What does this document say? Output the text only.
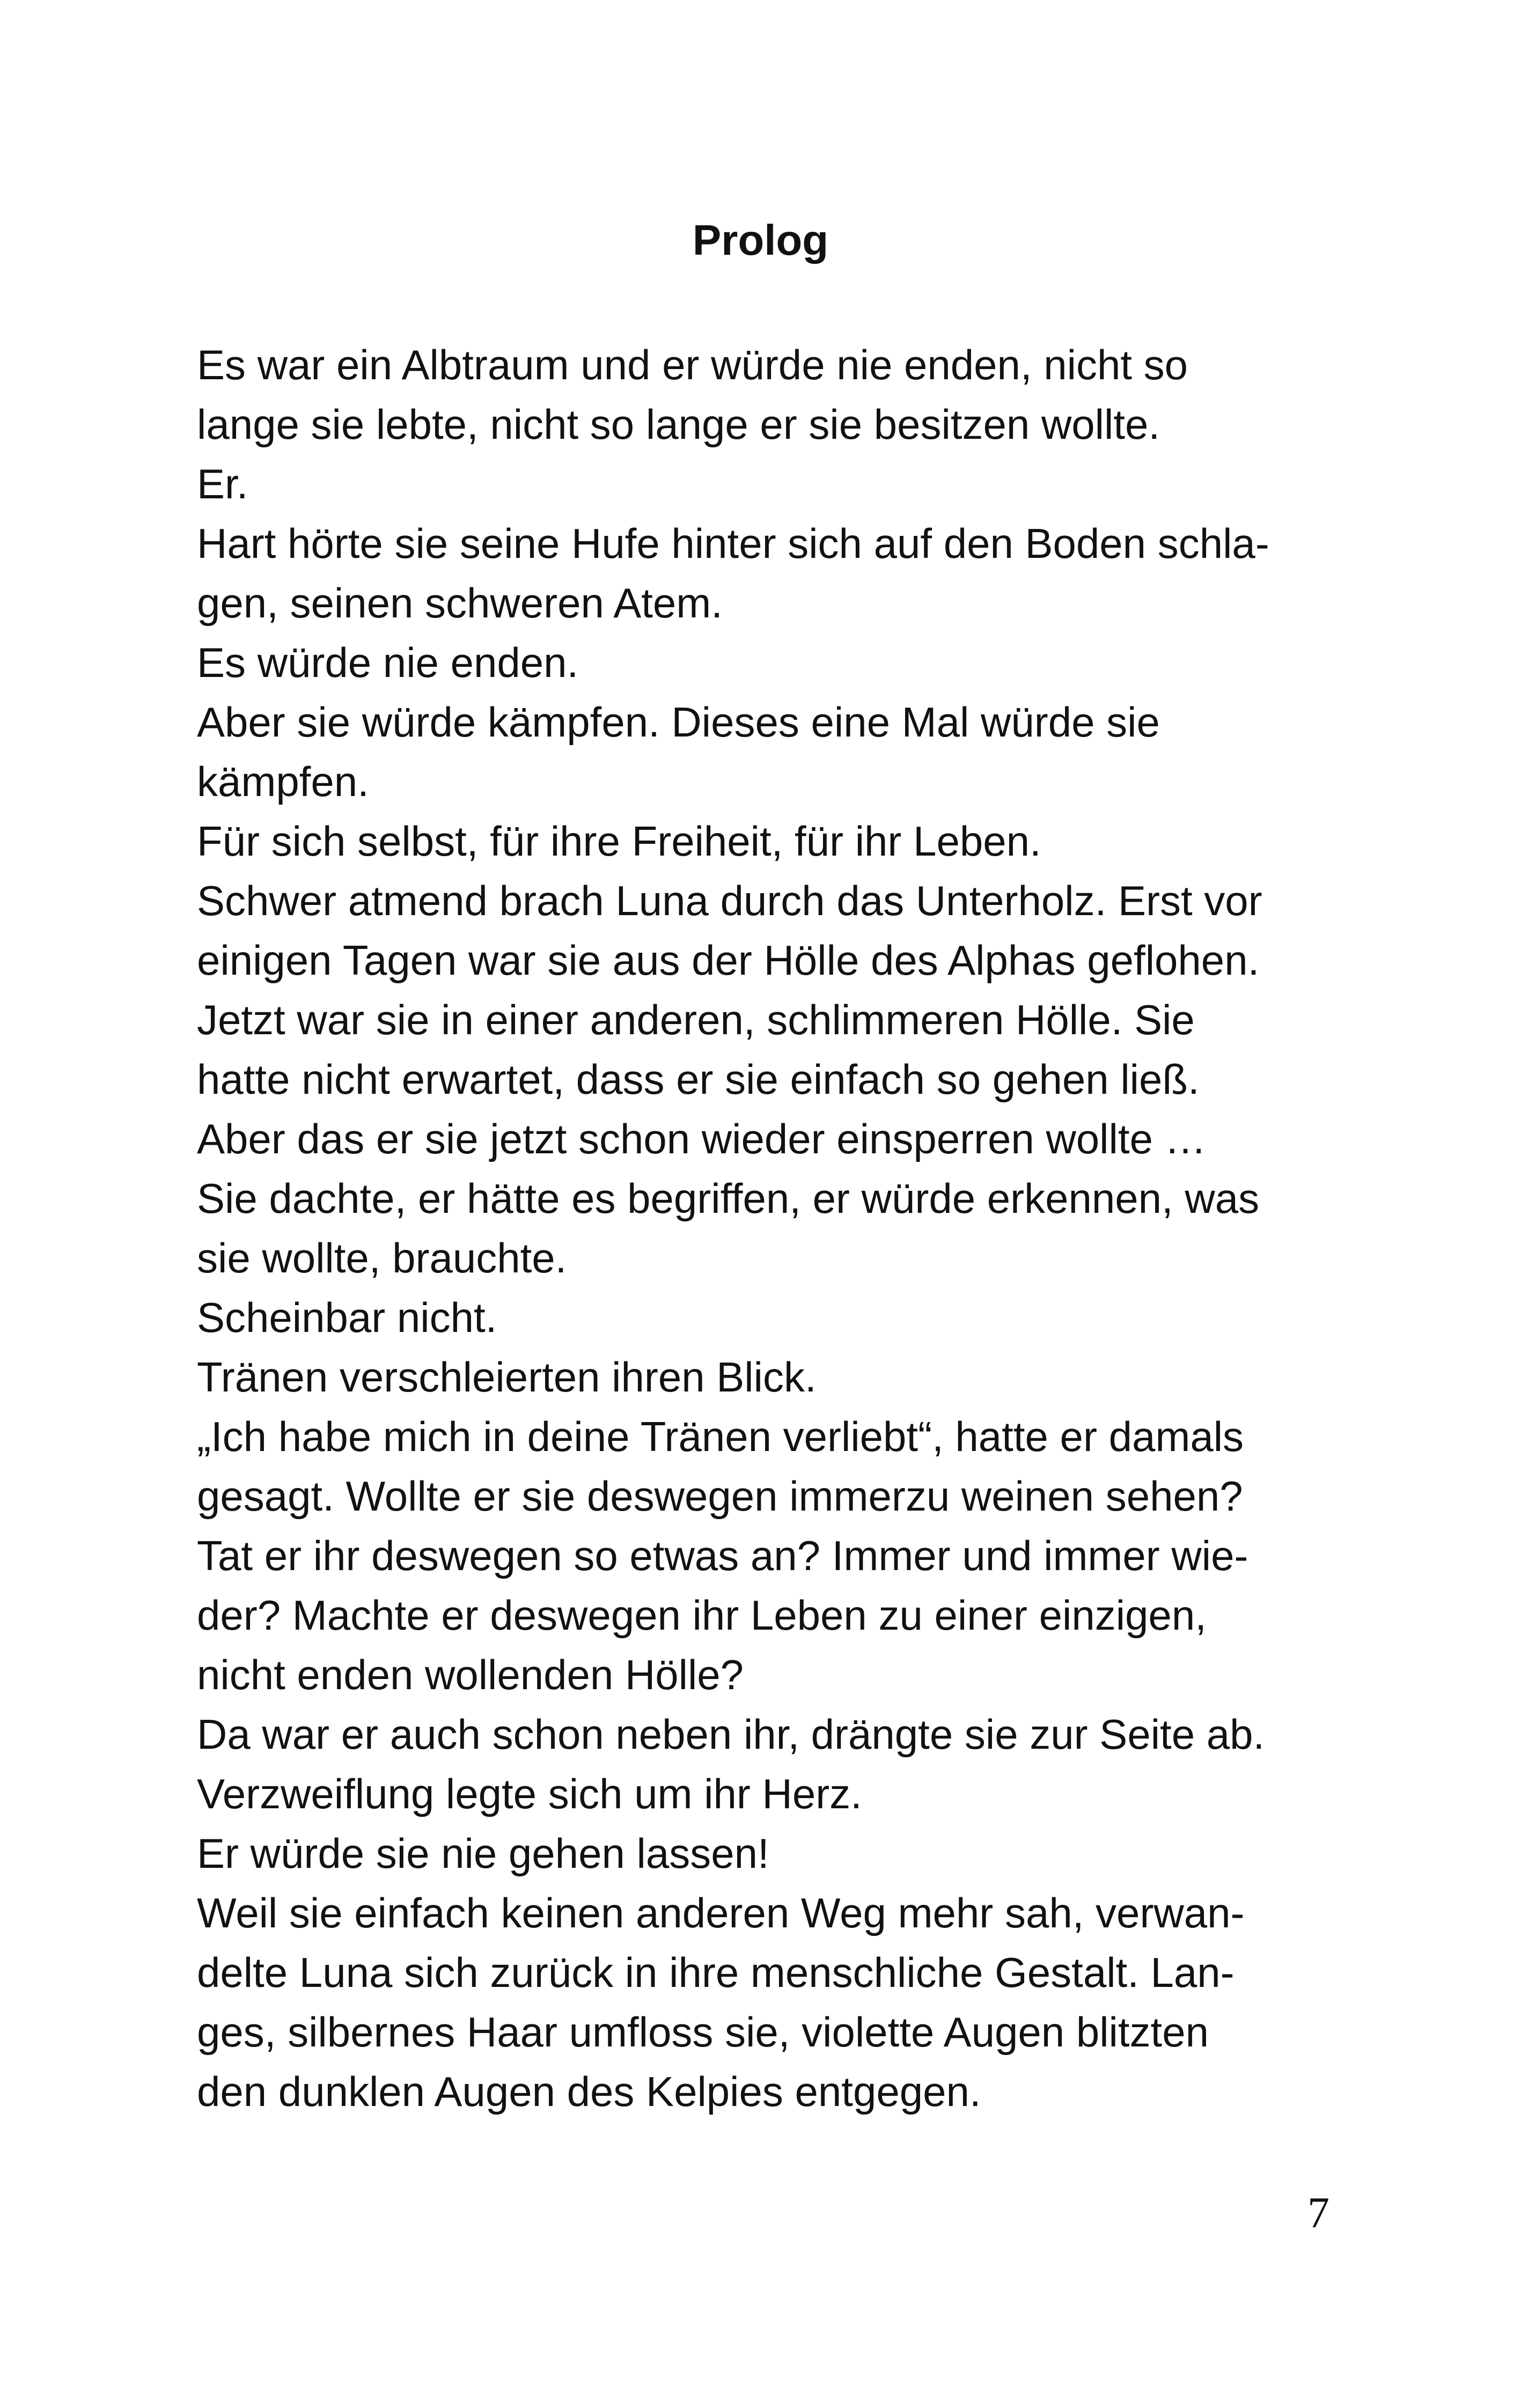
Prolog

Es war ein Albtraum und er würde nie enden, nicht so

lange sie lebte, nicht so lange er sie besitzen wollte.

Er.

Hart hörte sie seine Hufe hinter sich auf den Boden schla-

gen, seinen schweren Atem.

Es würde nie enden.

Aber sie würde kämpfen. Dieses eine Mal würde sie

kämpfen.

Für sich selbst, für ihre Freiheit, für ihr Leben.

Schwer atmend brach Luna durch das Unterholz. Erst vor

einigen Tagen war sie aus der Hölle des Alphas geflohen.

Jetzt war sie in einer anderen, schlimmeren Hölle. Sie

hatte nicht erwartet, dass er sie einfach so gehen ließ.

Aber das er sie jetzt schon wieder einsperren wollte …

Sie dachte, er hätte es begriffen, er würde erkennen, was

sie wollte, brauchte.

Scheinbar nicht.

Tränen verschleierten ihren Blick.

„Ich habe mich in deine Tränen verliebt“, hatte er damals

gesagt. Wollte er sie deswegen immerzu weinen sehen?

Tat er ihr deswegen so etwas an? Immer und immer wie-

der? Machte er deswegen ihr Leben zu einer einzigen,

nicht enden wollenden Hölle?

Da war er auch schon neben ihr, drängte sie zur Seite ab.

Verzweiflung legte sich um ihr Herz.

Er würde sie nie gehen lassen!

Weil sie einfach keinen anderen Weg mehr sah, verwan-

delte Luna sich zurück in ihre menschliche Gestalt. Lan-

ges, silbernes Haar umfloss sie, violette Augen blitzten

den dunklen Augen des Kelpies entgegen.

7
